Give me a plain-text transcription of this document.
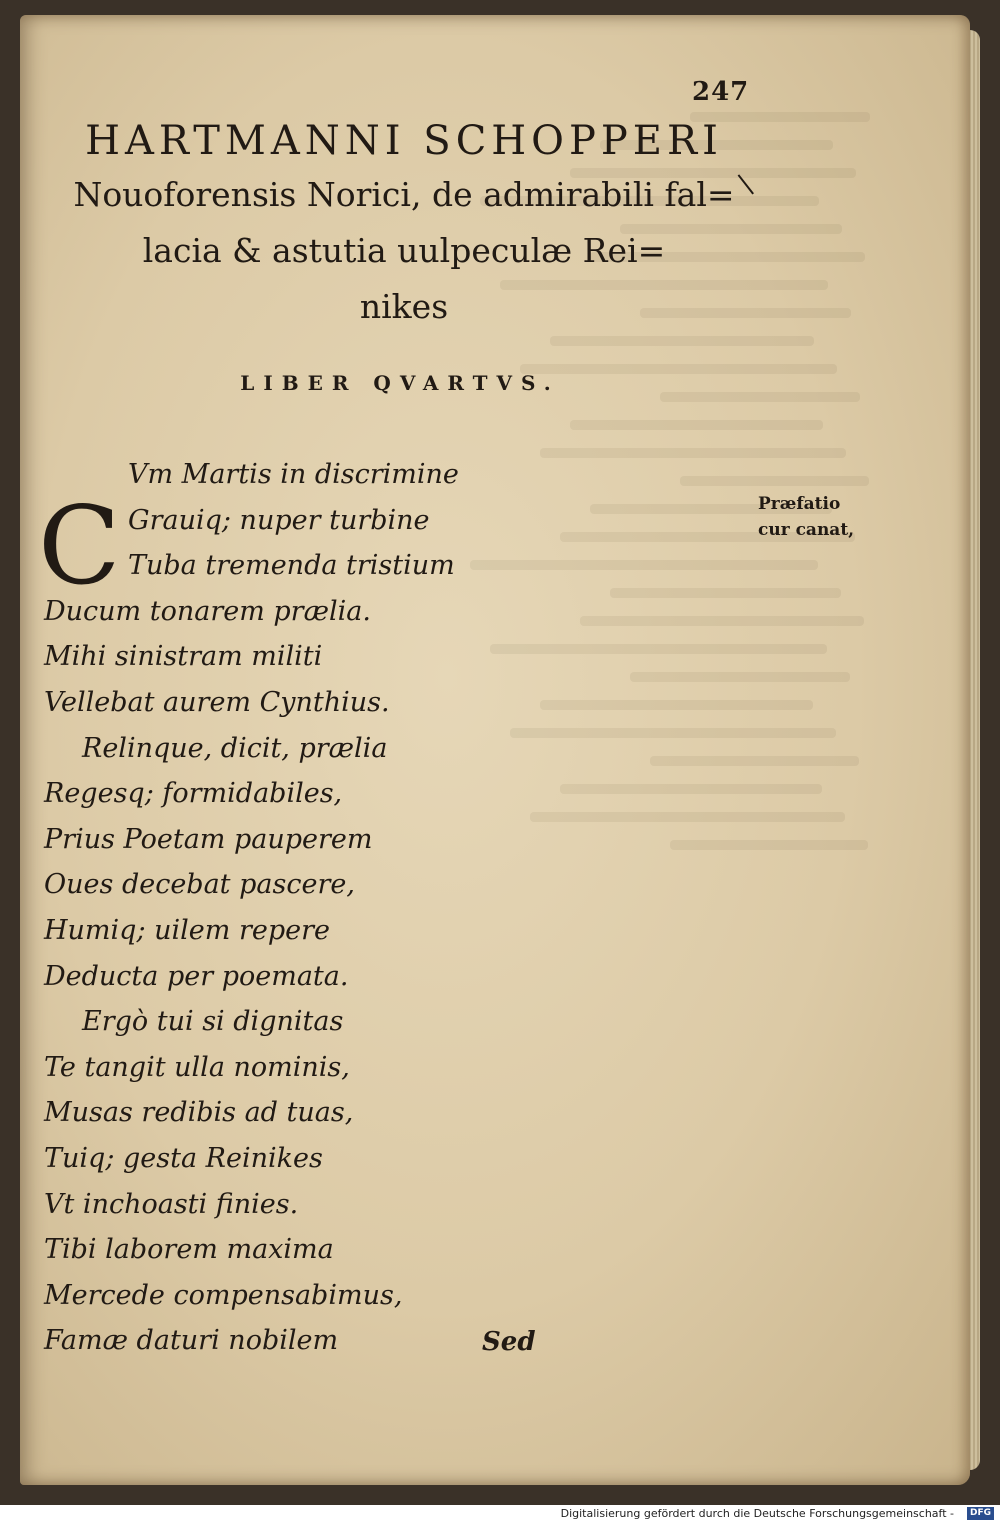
247
HARTMANNI SCHOPPERI
Nouoforensis Norici, de admirabili fal=
lacia & astutia uulpeculæ Rei=
nikes
LIBER QVARTVS.
C
Vm Martis in discrimine
Grauiq; nuper turbine
Tuba tremenda tristium
Ducum tonarem prælia.
Mihi sinistram militi
Vellebat aurem Cynthius.
Relinque, dicit, prælia
Regesq; formidabiles,
Prius Poetam pauperem
Oues decebat pascere,
Humiq; uilem repere
Deducta per poemata.
Ergò tui si dignitas
Te tangit ulla nominis,
Musas redibis ad tuas,
Tuiq; gesta Reinikes
Vt inchoasti finies.
Tibi laborem maxima
Mercede compensabimus,
Famæ daturi nobilem
Præfatio
cur canat,
Sed
Digitalisierung gefördert durch die Deutsche Forschungsgemeinschaft -	DFG
